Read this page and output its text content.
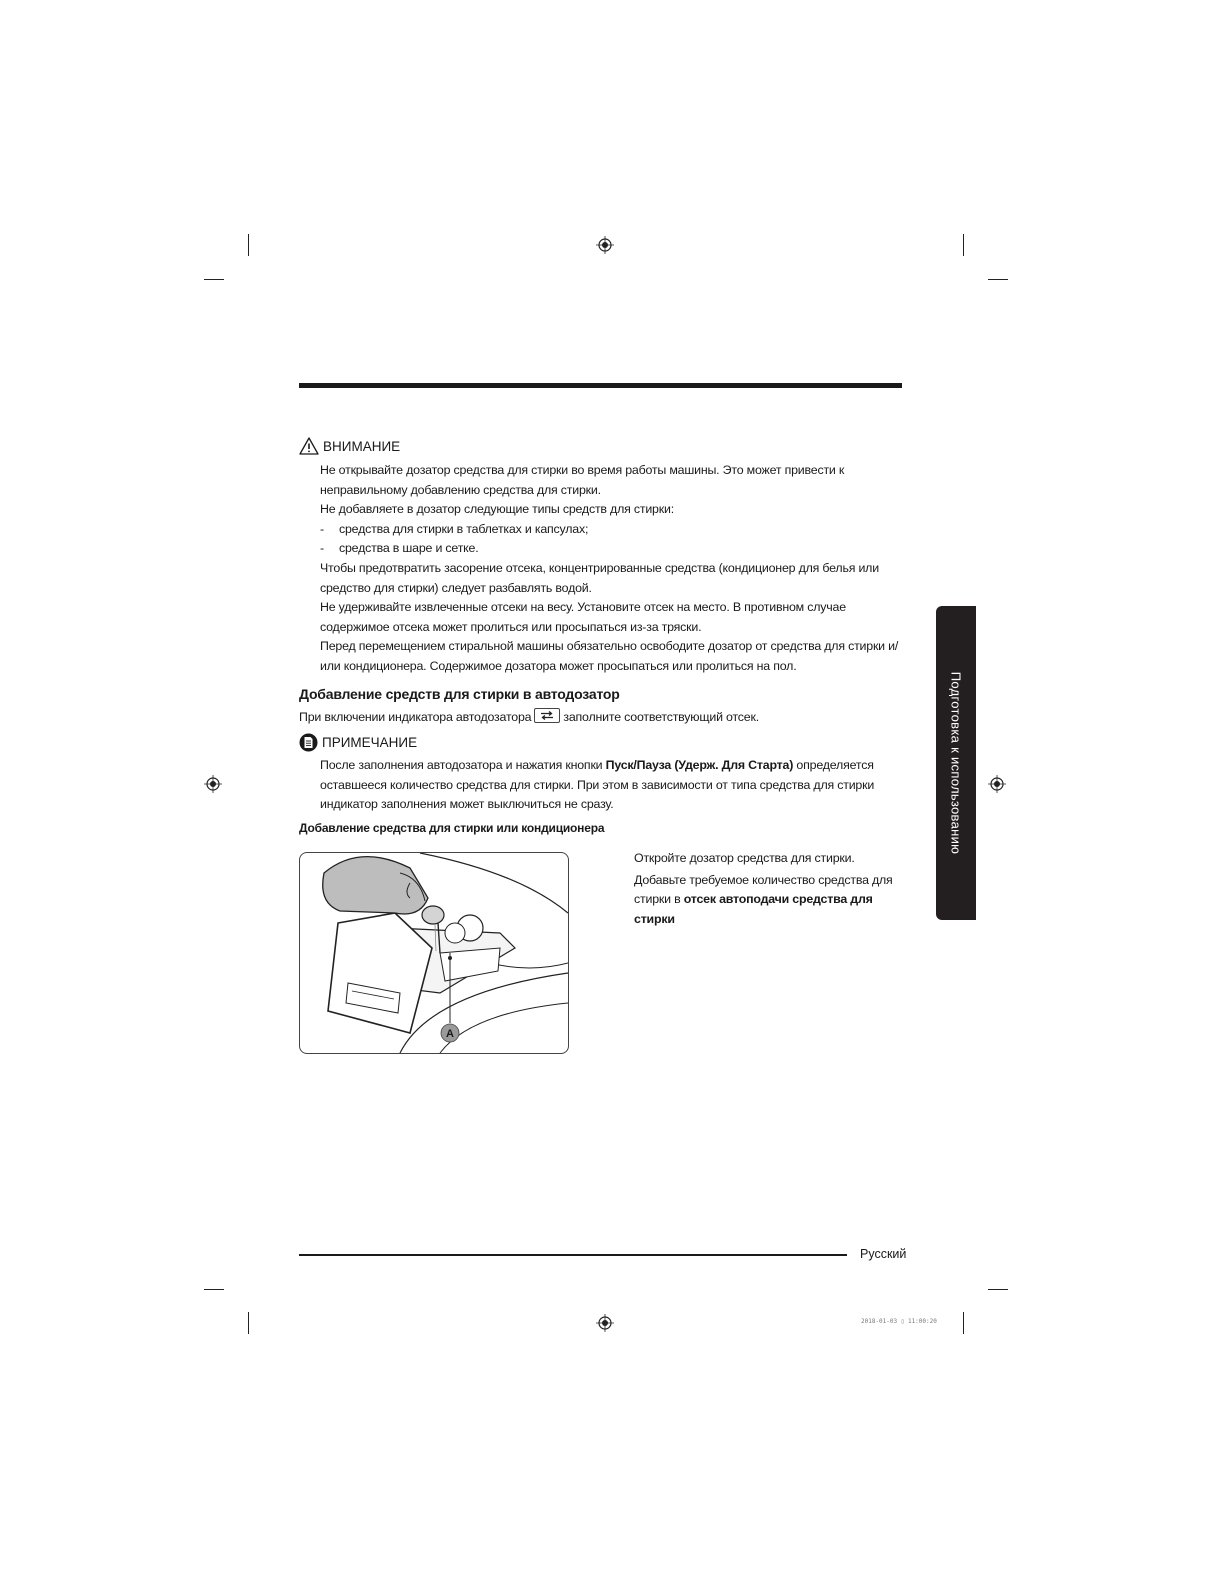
ВНИМАНИЕ

Не открывайте дозатор средства для стирки во время работы машины. Это может привести к неправильному добавлению средства для стирки.

Не добавляете в дозатор следующие типы средств для стирки:

-	средства для стирки в таблетках и капсулах;
-	средства в шаре и сетке.

Чтобы предотвратить засорение отсека, концентрированные средства (кондиционер для белья или средство для стирки) следует разбавлять водой.

Не удерживайте извлеченные отсеки на весу. Установите отсек на место. В противном случае содержимое отсека может пролиться или просыпаться из-за тряски.

Перед перемещением стиральной машины обязательно освободите дозатор от средства для стирки и/или кондиционера. Содержимое дозатора может просыпаться или пролиться на пол.

Добавление средств для стирки в автодозатор
При включении индикатора автодозатора	заполните соответствующий отсек.
ПРИМЕЧАНИЕ

После заполнения автодозатора и нажатия кнопки Пуск/Пауза (Удерж. Для Старта) определяется оставшееся количество средства для стирки. При этом в зависимости от типа средства для стирки индикатор заполнения может выключиться не сразу.

Добавление средства для стирки или кондиционера
A

Откройте дозатор средства для стирки.

Добавьте требуемое количество средства для стирки в отсек автоподачи средства для стирки

Подготовка к использованию
Русский
2018-01-03 ▯ 11:00:20
